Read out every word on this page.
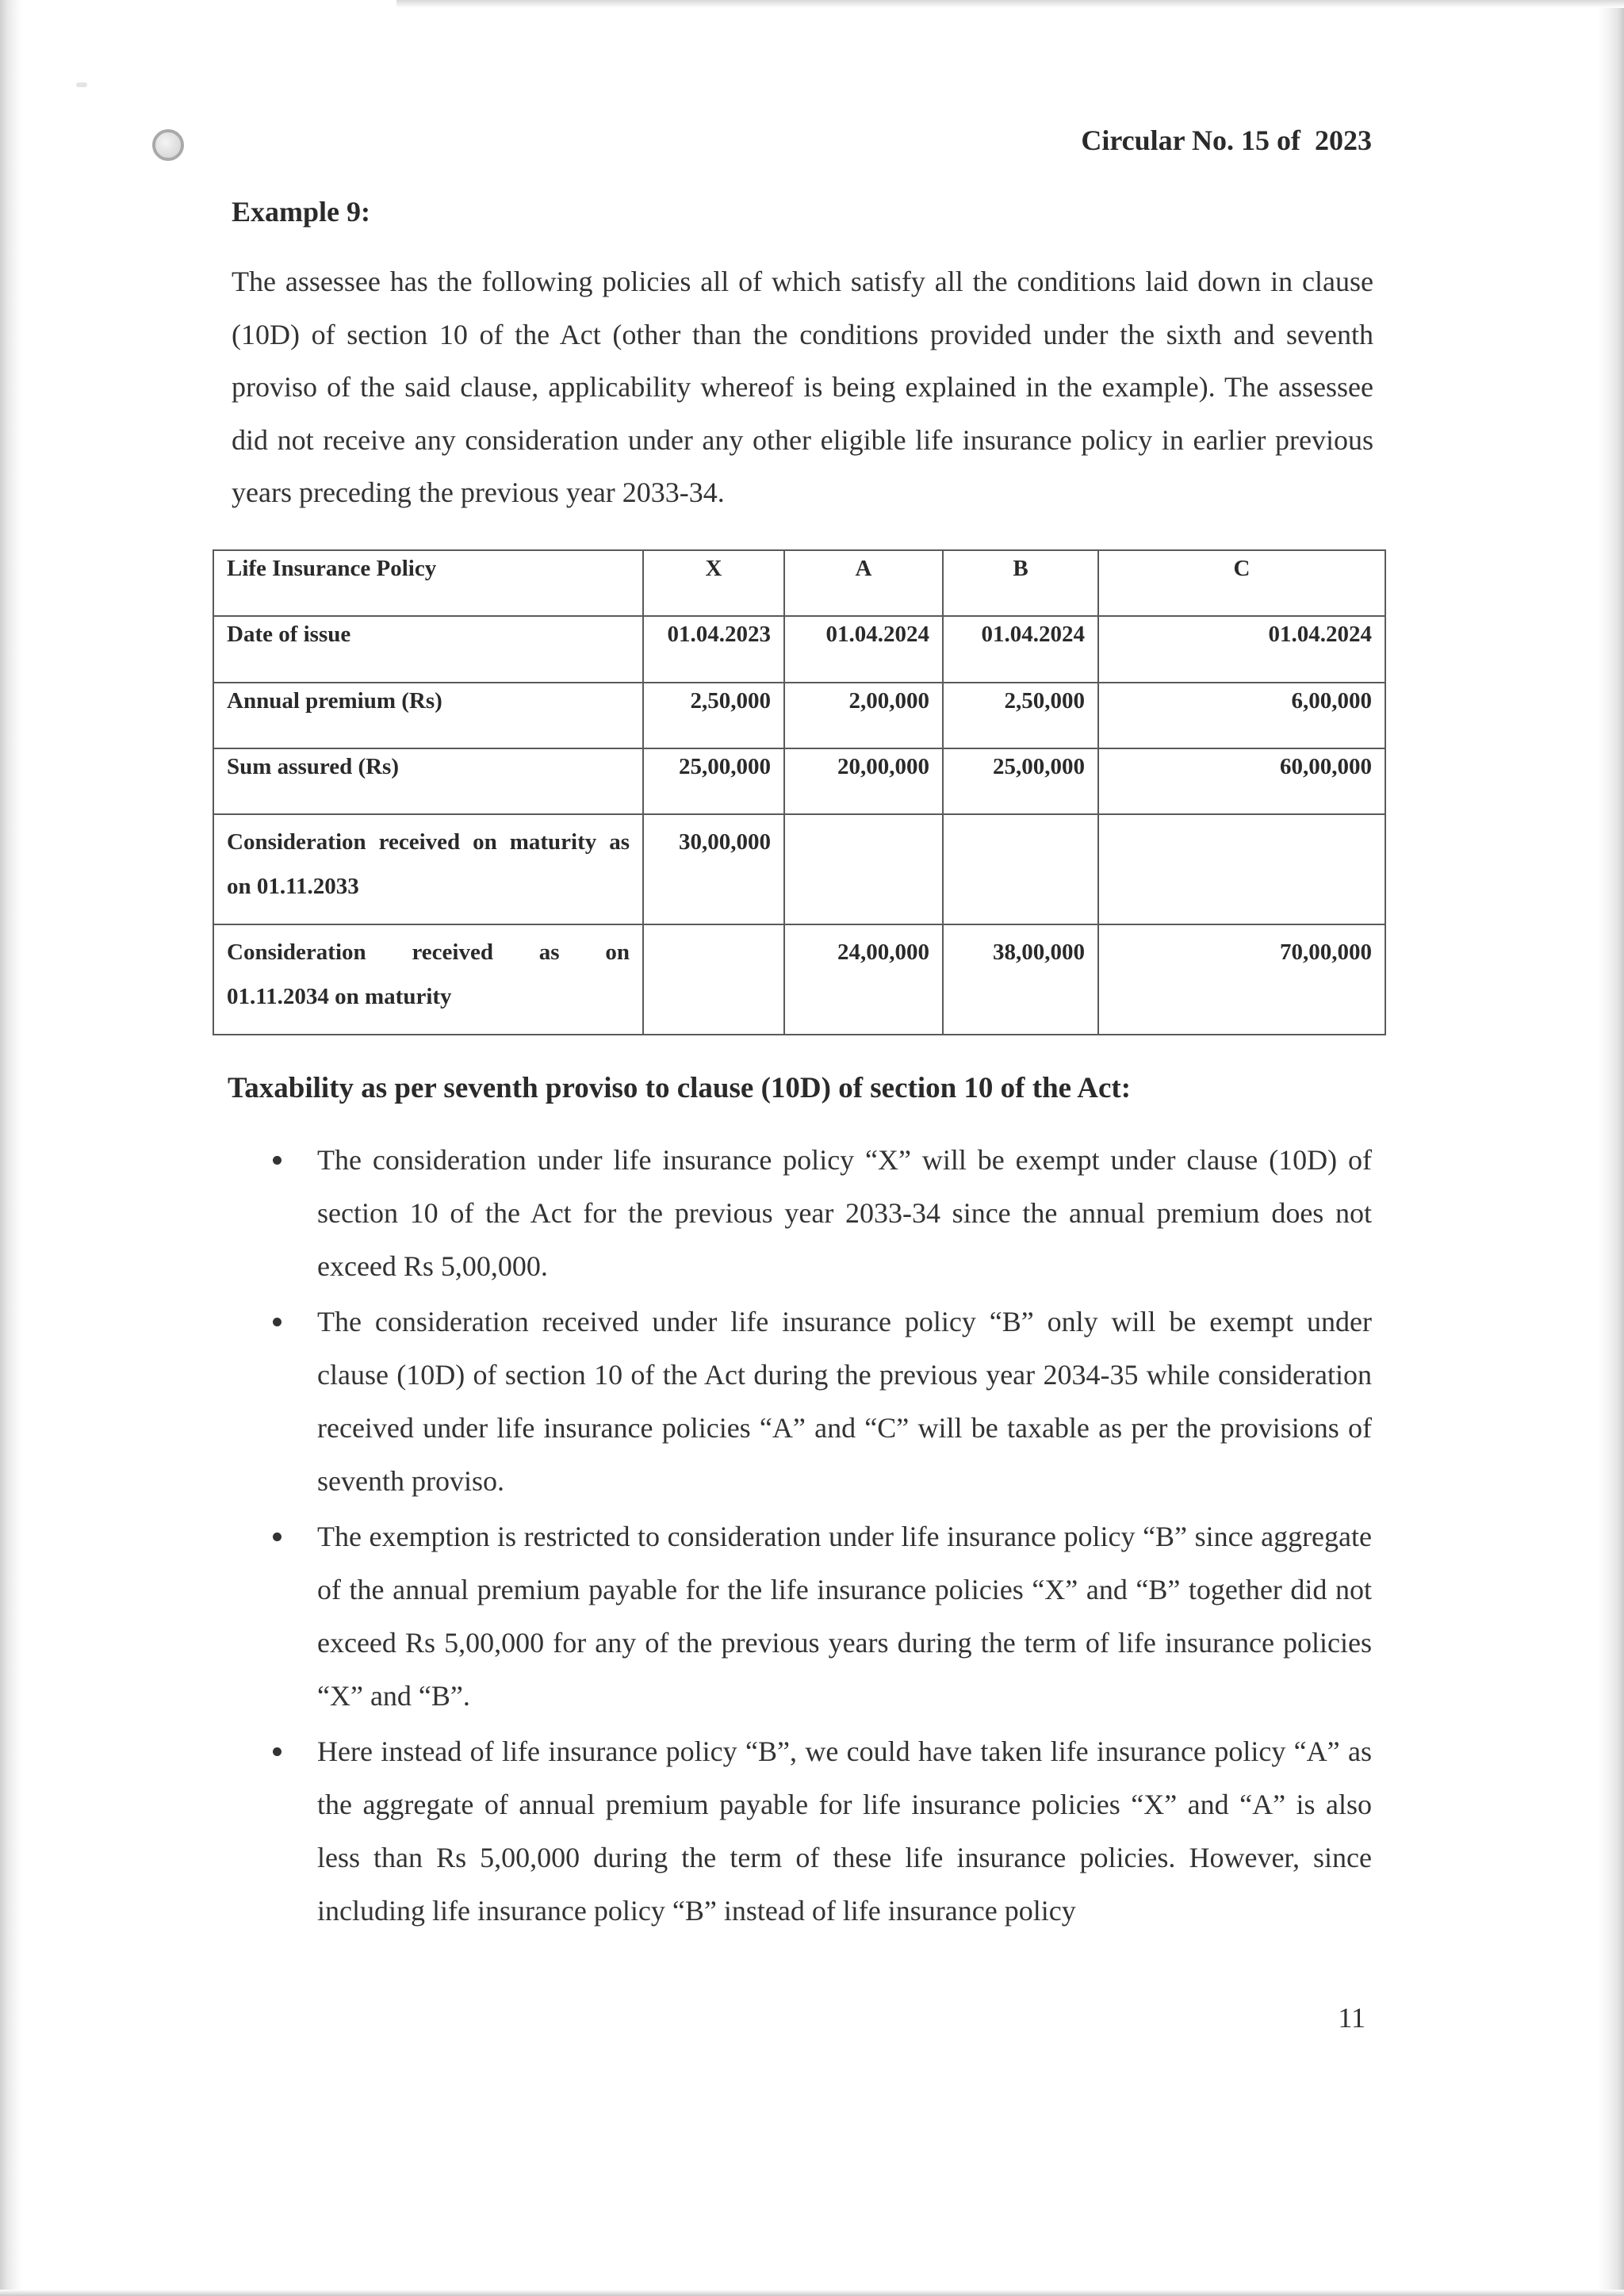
Circular No. 15 of  2023
Example 9:

The assessee has the following policies all of which satisfy all the conditions laid down in clause (10D) of section 10 of the Act (other than the conditions provided under the sixth and seventh proviso of the said clause, applicability whereof is being explained in the example). The assessee did not receive any consideration under any other eligible life insurance policy in earlier previous years preceding the previous year 2033-34.

Life Insurance Policy	X	A	B	C
Date of issue	01.04.2023	01.04.2024	01.04.2024	01.04.2024
Annual premium (Rs)	2,50,000	2,00,000	2,50,000	6,00,000
Sum assured (Rs)	25,00,000	20,00,000	25,00,000	60,00,000

Consideration received on maturity as
on 01.11.2033	30,00,000			

Consideration received as on
01.11.2034 on maturity		24,00,000	38,00,000	70,00,000
Taxability as per seventh proviso to clause (10D) of section 10 of the Act:
The consideration under life insurance policy “X” will be exempt under clause (10D) of section 10 of the Act for the previous year 2033-34 since the annual premium does not exceed Rs 5,00,000.
The consideration received under life insurance policy “B” only will be exempt under clause (10D) of section 10 of the Act during the previous year 2034-35 while consideration received under life insurance policies “A” and “C” will be taxable as per the provisions of seventh proviso.
The exemption is restricted to consideration under life insurance policy “B” since aggregate of the annual premium payable for the life insurance policies “X” and “B” together did not exceed Rs 5,00,000 for any of the previous years during the term of life insurance policies “X” and “B”.
Here instead of life insurance policy “B”, we could have taken life insurance policy “A” as the aggregate of annual premium payable for life insurance policies “X” and “A” is also less than Rs 5,00,000 during the term of these life insurance policies. However, since including life insurance policy “B” instead of life insurance policy
11
